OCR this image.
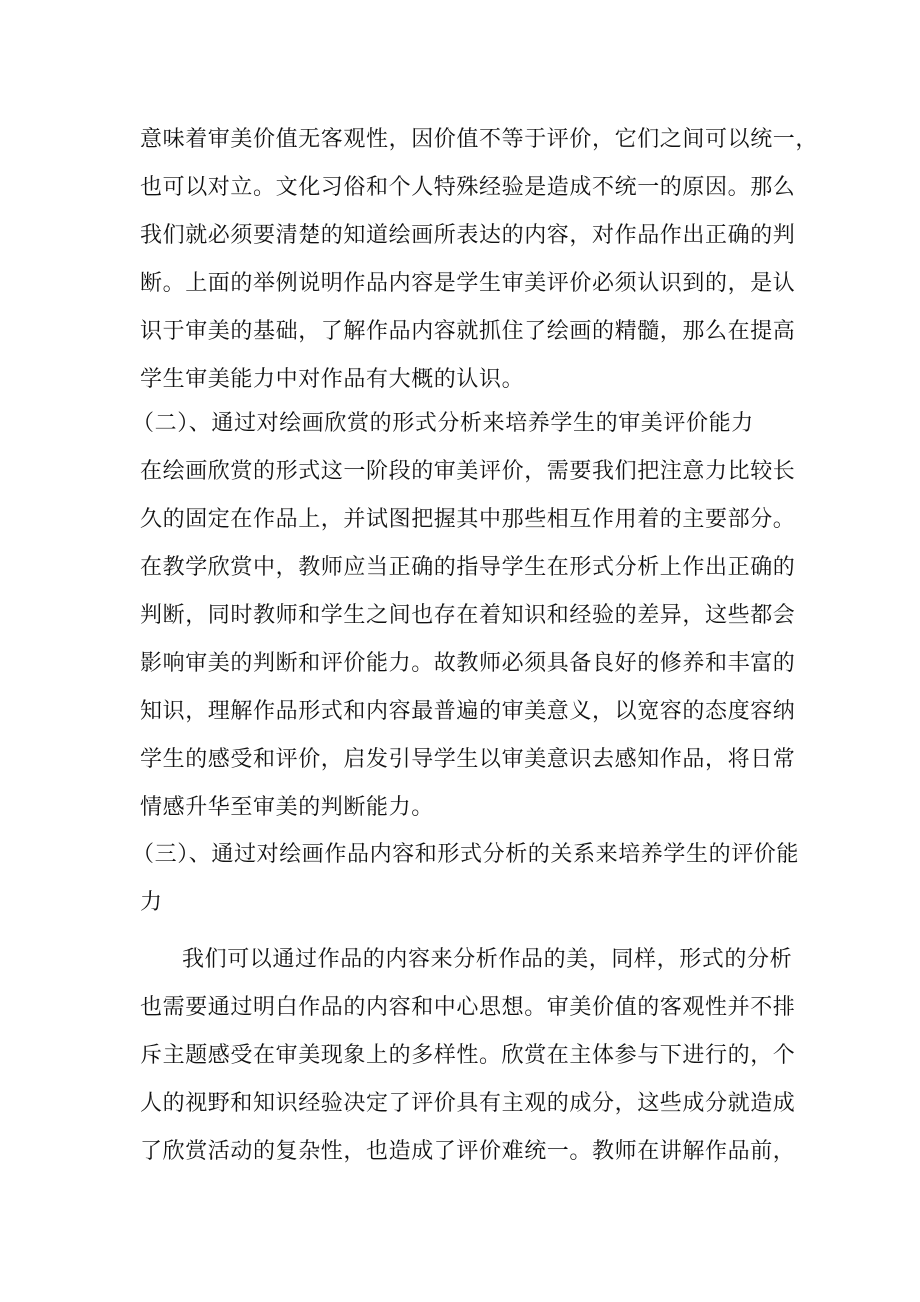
意味着审美价值无客观性，因价值不等于评价，它们之间可以统一，
也可以对立。文化习俗和个人特殊经验是造成不统一的原因。那么
我们就必须要清楚的知道绘画所表达的内容，对作品作出正确的判
断。上面的举例说明作品内容是学生审美评价必须认识到的，是认
识于审美的基础，了解作品内容就抓住了绘画的精髓，那么在提高
学生审美能力中对作品有大概的认识。
（二）、通过对绘画欣赏的形式分析来培养学生的审美评价能力
在绘画欣赏的形式这一阶段的审美评价，需要我们把注意力比较长
久的固定在作品上，并试图把握其中那些相互作用着的主要部分。
在教学欣赏中，教师应当正确的指导学生在形式分析上作出正确的
判断，同时教师和学生之间也存在着知识和经验的差异，这些都会
影响审美的判断和评价能力。故教师必须具备良好的修养和丰富的
知识，理解作品形式和内容最普遍的审美意义，以宽容的态度容纳
学生的感受和评价，启发引导学生以审美意识去感知作品，将日常
情感升华至审美的判断能力。
（三）、通过对绘画作品内容和形式分析的关系来培养学生的评价能
力
我们可以通过作品的内容来分析作品的美，同样，形式的分析
也需要通过明白作品的内容和中心思想。审美价值的客观性并不排
斥主题感受在审美现象上的多样性。欣赏在主体参与下进行的，个
人的视野和知识经验决定了评价具有主观的成分，这些成分就造成
了欣赏活动的复杂性，也造成了评价难统一。教师在讲解作品前，
